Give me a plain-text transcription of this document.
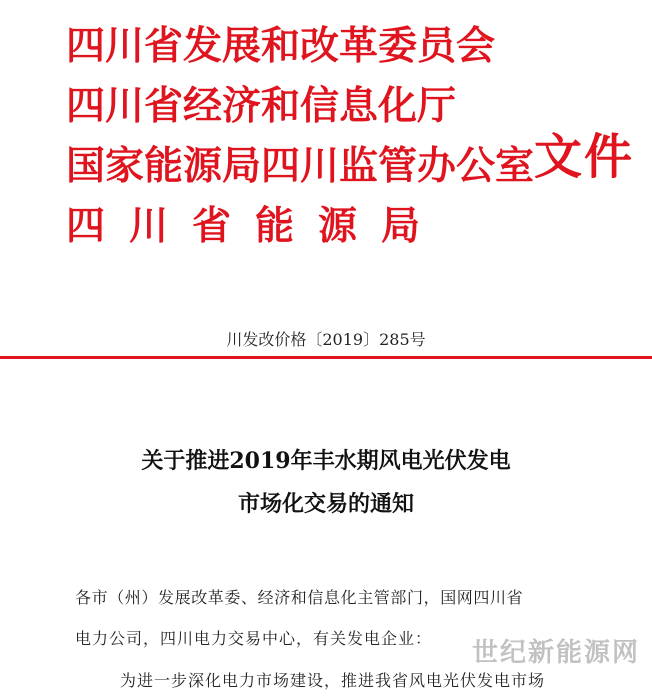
四川省发展和改革委员会
四川省经济和信息化厅
国家能源局四川监管办公室
四川省能源局
文件
川发改价格〔2019〕285号
关于推进2019年丰水期风电光伏发电
市场化交易的通知
各市（州）发展改革委、经济和信息化主管部门，国网四川省
电力公司，四川电力交易中心，有关发电企业：
为进一步深化电力市场建设，推进我省风电光伏发电市场
世纪新能源网
